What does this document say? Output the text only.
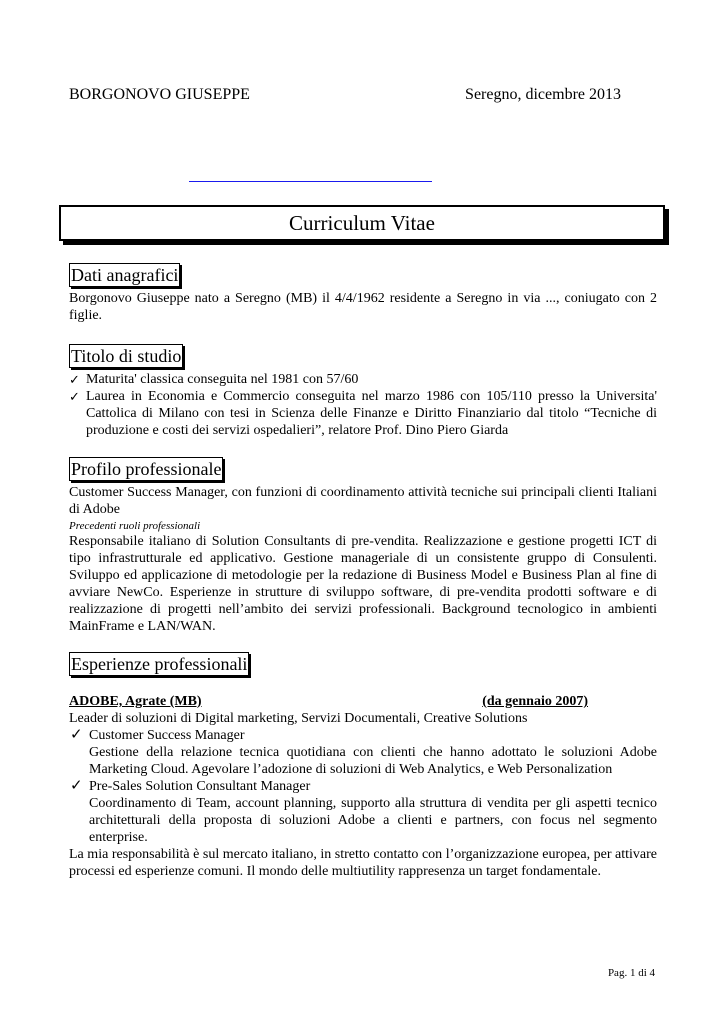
BORGONOVO GIUSEPPE	Seregno, dicembre 2013
Curriculum Vitae
Dati anagrafici
Borgonovo Giuseppe nato a Seregno (MB) il 4/4/1962 residente a Seregno in via ..., coniugato con 2 figlie.
Titolo di studio
✓ Maturita' classica conseguita nel 1981 con 57/60
✓ Laurea in Economia e Commercio conseguita nel marzo 1986 con 105/110 presso la Universita' Cattolica di Milano con tesi in Scienza delle Finanze e Diritto Finanziario dal titolo “Tecniche di produzione e costi dei servizi ospedalieri”, relatore Prof. Dino Piero Giarda
Profilo professionale
Customer Success Manager, con funzioni di coordinamento attività tecniche sui principali clienti Italiani di Adobe
Precedenti ruoli professionali
Responsabile italiano di Solution Consultants di pre-vendita. Realizzazione e gestione progetti ICT di tipo infrastrutturale ed applicativo. Gestione manageriale di un consistente gruppo di Consulenti. Sviluppo ed applicazione di metodologie per la redazione di Business Model e Business Plan al fine di avviare NewCo. Esperienze in strutture di sviluppo software, di pre-vendita prodotti software e di realizzazione di progetti nell’ambito dei servizi professionali. Background tecnologico in ambienti MainFrame e LAN/WAN.
Esperienze professionali
ADOBE, Agrate (MB)	(da gennaio 2007)
Leader di soluzioni di Digital marketing, Servizi Documentali, Creative Solutions
✓ Customer Success Manager
Gestione della relazione tecnica quotidiana con clienti che hanno adottato le soluzioni Adobe Marketing Cloud. Agevolare l’adozione di soluzioni di Web Analytics, e Web Personalization
✓ Pre-Sales Solution Consultant Manager
Coordinamento di Team, account planning, supporto alla struttura di vendita per gli aspetti tecnico architetturali della proposta di soluzioni Adobe a clienti e partners, con focus nel segmento enterprise.
La mia responsabilità è sul mercato italiano, in stretto contatto con l’organizzazione europea, per attivare processi ed esperienze comuni. Il mondo delle multiutility rappresenza un target fondamentale.
Pag. 1 di 4
